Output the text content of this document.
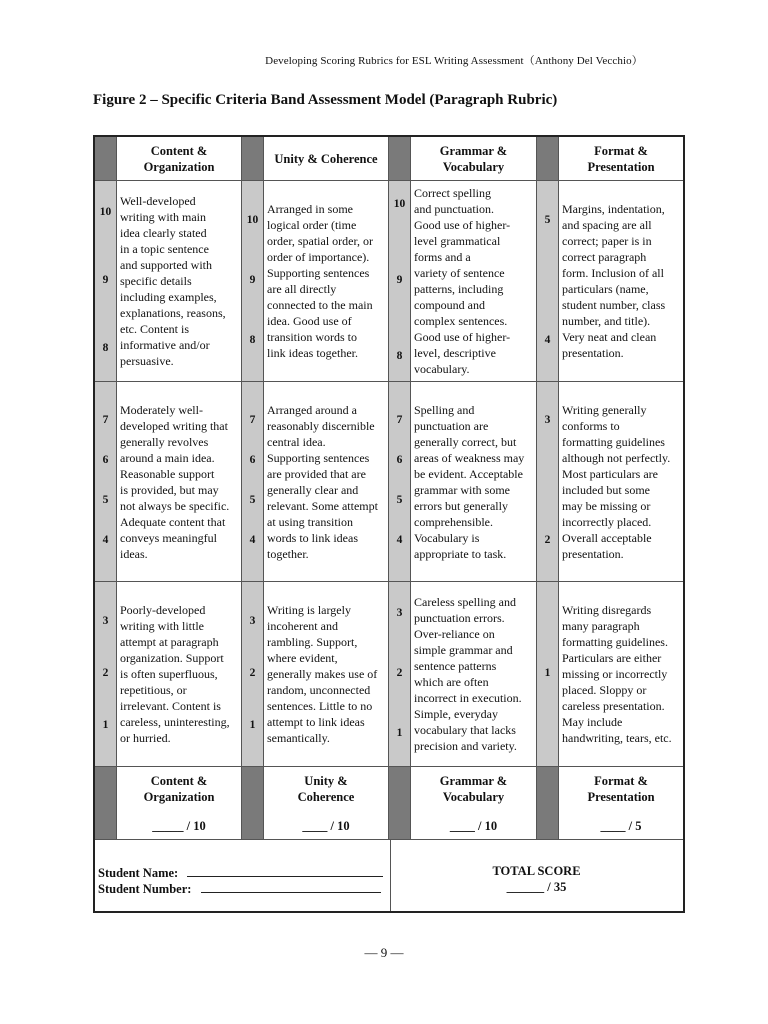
Developing Scoring Rubrics for ESL Writing Assessment（Anthony Del Vecchio）
Figure 2 – Specific Criteria Band Assessment Model (Paragraph Rubric)
Content &
Organization
Unity & Coherence
Grammar &
Vocabulary
Format &
Presentation
10
9
8
Well-developed
writing with main
idea clearly stated
in a topic sentence
and supported with
specific details
including examples,
explanations, reasons,
etc. Content is
informative and/or
persuasive.
10
9
8
Arranged in some
logical order (time
order, spatial order, or
order of importance).
Supporting sentences
are all directly
connected to the main
idea. Good use of
transition words to
link ideas together.
10
9
8
Correct spelling
and punctuation.
Good use of higher-
level grammatical
forms and a
variety of sentence
patterns, including
compound and
complex sentences.
Good use of higher-
level, descriptive
vocabulary.
5
4
Margins, indentation,
and spacing are all
correct; paper is in
correct paragraph
form. Inclusion of all
particulars (name,
student number, class
number, and title).
Very neat and clean
presentation.
7
6
5
4
Moderately well-
developed writing that
generally revolves
around a main idea.
Reasonable support
is provided, but may
not always be specific.
Adequate content that
conveys meaningful
ideas.
7
6
5
4
Arranged around a
reasonably discernible
central idea.
Supporting sentences
are provided that are
generally clear and
relevant. Some attempt
at using transition
words to link ideas
together.
7
6
5
4
Spelling and
punctuation are
generally correct, but
areas of weakness may
be evident. Acceptable
grammar with some
errors but generally
comprehensible.
Vocabulary is
appropriate to task.
3
2
Writing generally
conforms to
formatting guidelines
although not perfectly.
Most particulars are
included but some
may be missing or
incorrectly placed.
Overall acceptable
presentation.
3
2
1
Poorly-developed
writing with little
attempt at paragraph
organization. Support
is often superfluous,
repetitious, or
irrelevant. Content is
careless, uninteresting,
or hurried.
3
2
1
Writing is largely
incoherent and
rambling. Support,
where evident,
generally makes use of
random, unconnected
sentences. Little to no
attempt to link ideas
semantically.
3
2
1
Careless spelling and
punctuation errors.
Over-reliance on
simple grammar and
sentence patterns
which are often
incorrect in execution.
Simple, everyday
vocabulary that lacks
precision and variety.
1
Writing disregards
many paragraph
formatting guidelines.
Particulars are either
missing or incorrectly
placed. Sloppy or
careless presentation.
May include
handwriting, tears, etc.
Content &
Organization
_____ / 10
Unity &
Coherence
____ / 10
Grammar &
Vocabulary
____ / 10
Format &
Presentation
____ / 5
Student Name:
Student Number:
TOTAL SCORE
______ / 35
— 9 —
